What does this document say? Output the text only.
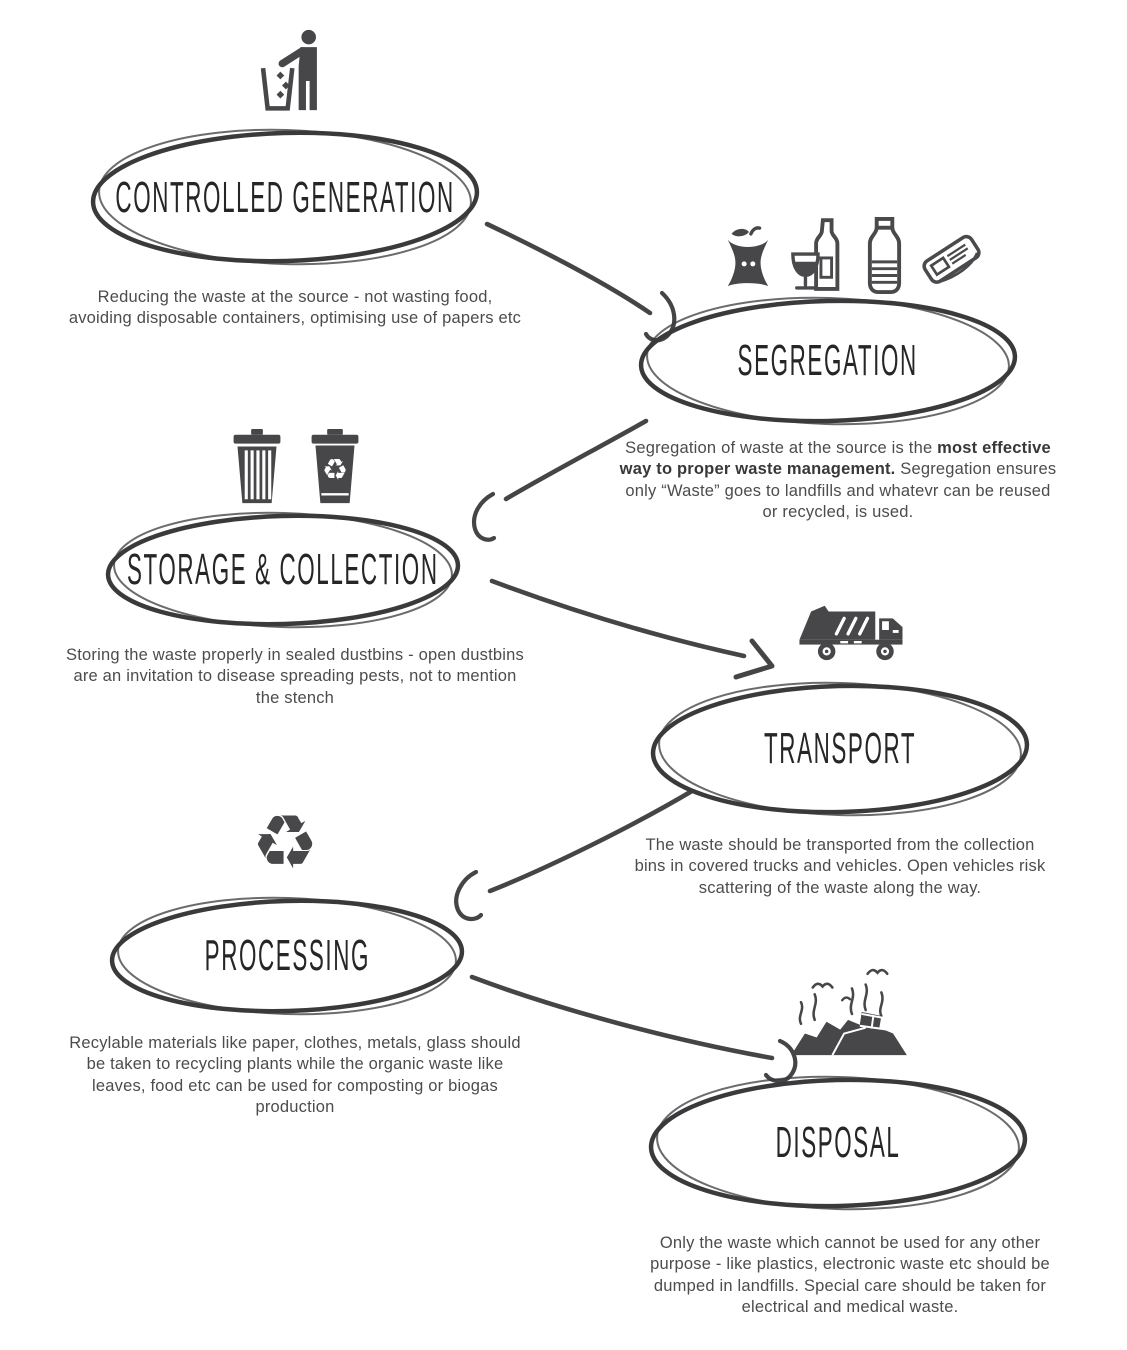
CONTROLLED GENERATION
Reducing the waste at the source - not wasting food, avoiding disposable containers, optimising use of papers etc
SEGREGATION
Segregation of waste at the source is the most effective way to proper waste management. Segregation ensures only “Waste” goes to landfills and whatevr can be reused or recycled, is used.
♻
STORAGE & COLLECTION
Storing the waste properly in sealed dustbins - open dustbins are an invitation to disease spreading pests, not to mention the stench
TRANSPORT
The waste should be transported from the collection bins in covered trucks and vehicles. Open vehicles risk scattering of the waste along the way.
♻
PROCESSING
Recylable materials like paper, clothes, metals, glass should be taken to recycling plants while the organic waste like leaves, food etc can be used for composting or biogas production
DISPOSAL
Only the waste which cannot be used for any other purpose - like plastics, electronic waste etc should be dumped in landfills. Special care should be taken for electrical and medical waste.
